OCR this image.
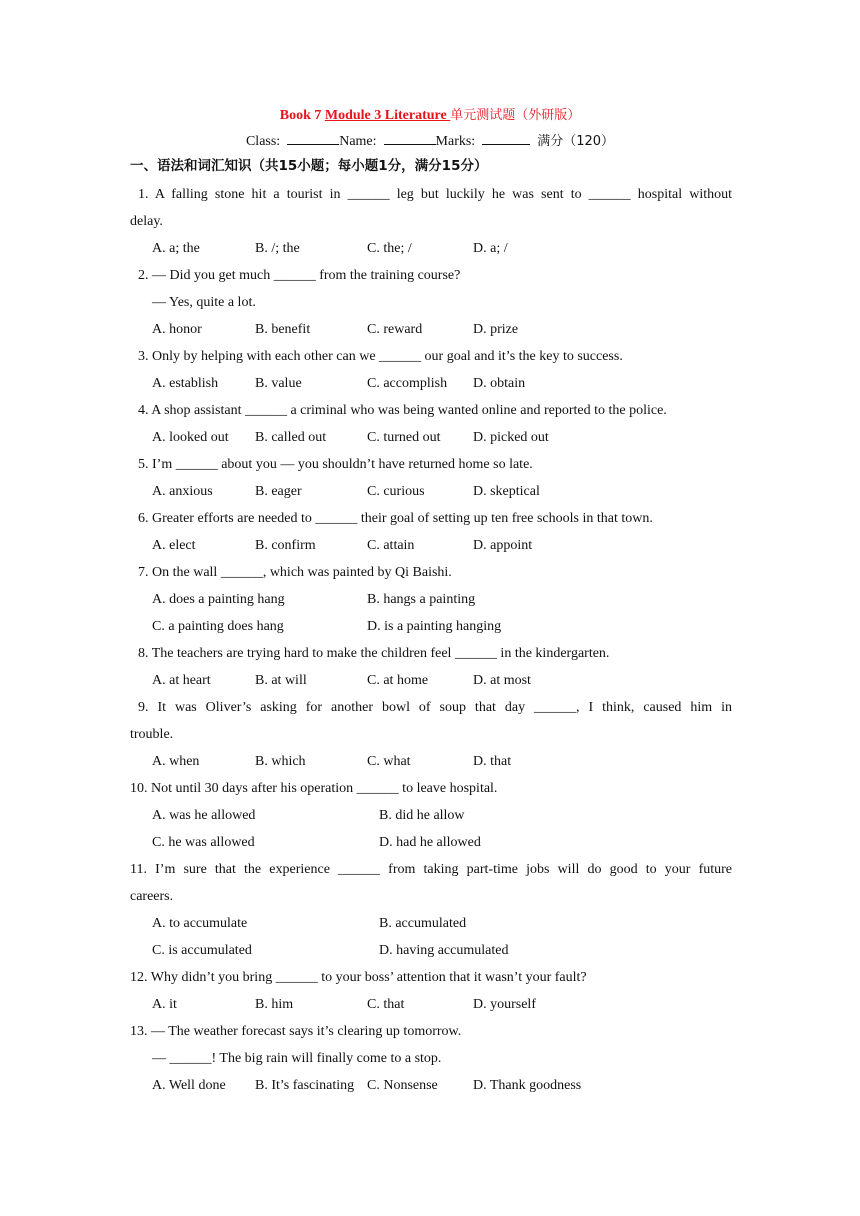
Book 7 Module 3 Literature 单元测试题（外研版）
Class:	Name:	Marks:	满分（120）
一、语法和词汇知识（共15小题；每小题1分，满分15分）
1. A falling stone hit a tourist in ______ leg but luckily he was sent to ______ hospital without
delay.
A. a; the	B. /; the	C. the; /	D. a; /
2. — Did you get much ______ from the training course?
— Yes, quite a lot.
A. honor	B. benefit	C. reward	D. prize
3. Only by helping with each other can we ______ our goal and it’s the key to success.
A. establish	B. value	C. accomplish D. obtain
4. A shop assistant ______ a criminal who was being wanted online and reported to the police.
A. looked out B. called out	C. turned out D. picked out
5. I’m ______ about you — you shouldn’t have returned home so late.
A. anxious	B. eager	C. curious	D. skeptical
6. Greater efforts are needed to ______ their goal of setting up ten free schools in that town.
A. elect	B. confirm	C. attain	D. appoint
7. On the wall ______, which was painted by Qi Baishi.
A. does a painting hang	B. hangs a painting
C. a painting does hang	D. is a painting hanging
8. The teachers are trying hard to make the children feel ______ in the kindergarten.
A. at heart	B. at will	C. at home	D. at most
9. It was Oliver’s asking for another bowl of soup that day ______, I think, caused him in
trouble.
A. when	B. which	C. what	D. that
10. Not until 30 days after his operation ______ to leave hospital.
A. was he allowed	B. did he allow
C. he was allowed	D. had he allowed
11. I’m sure that the experience ______ from taking part-time jobs will do good to your future
careers.
A. to accumulate	B. accumulated
C. is accumulated	D. having accumulated
12. Why didn’t you bring ______ to your boss’ attention that it wasn’t your fault?
A. it	B. him	C. that	D. yourself
13. — The weather forecast says it’s clearing up tomorrow.
— ______! The big rain will finally come to a stop.
A. Well done B. It’s fascinating C. Nonsense	D. Thank goodness
